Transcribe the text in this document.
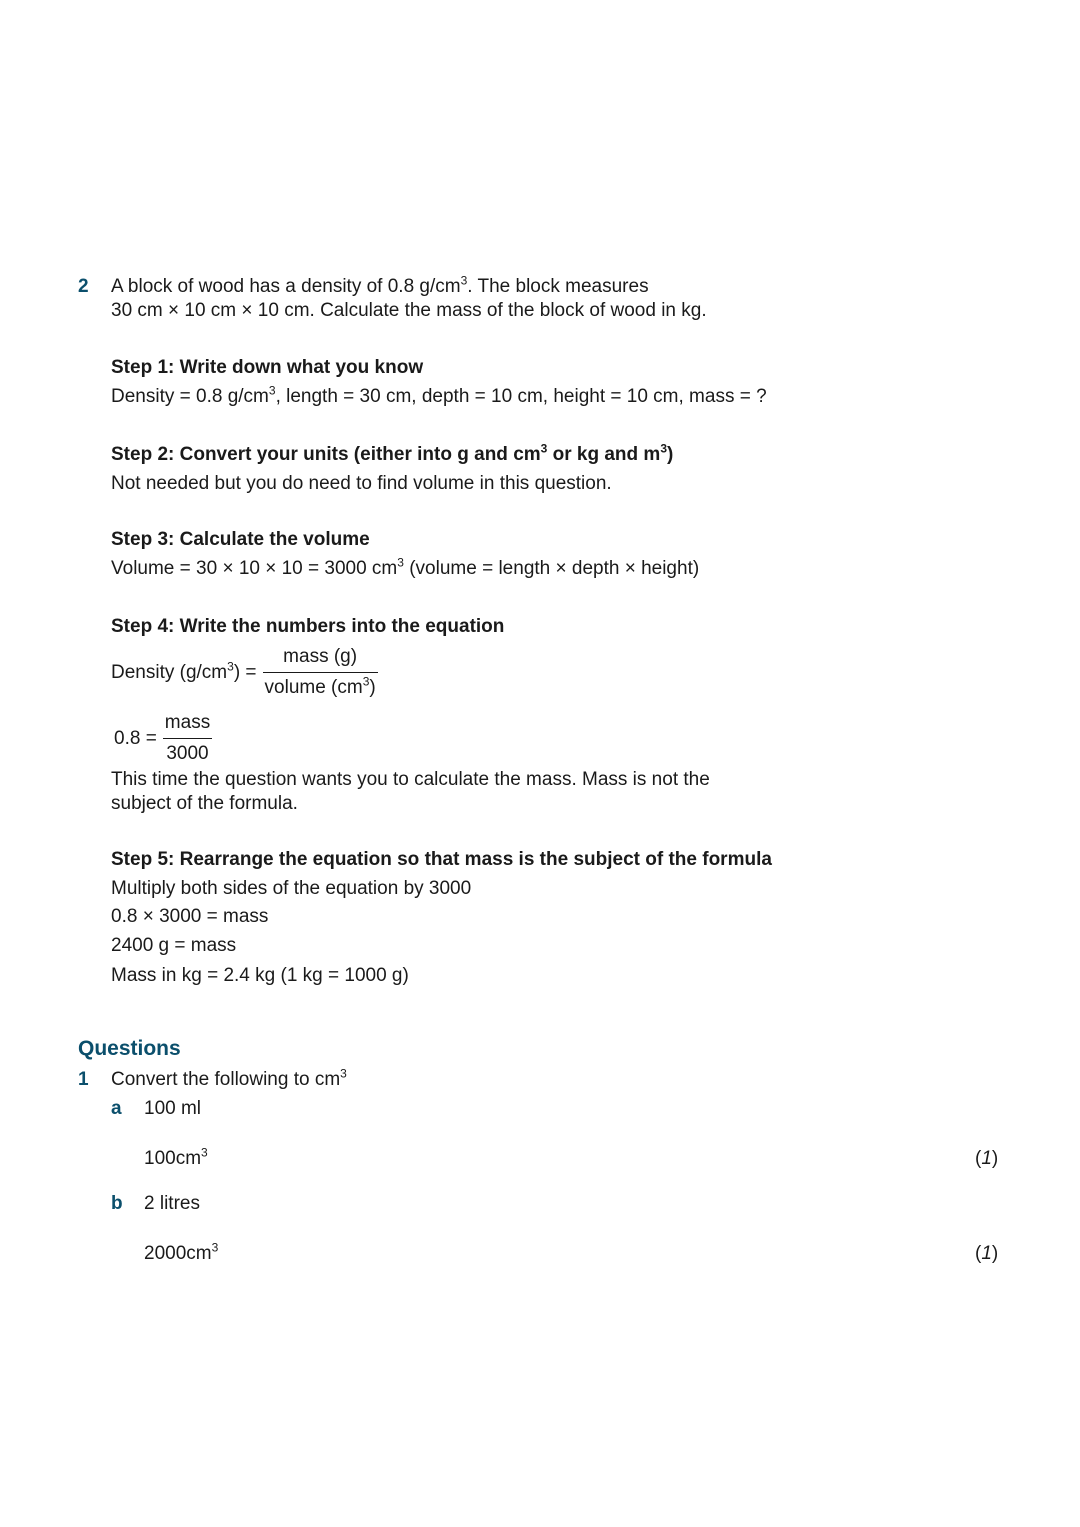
2 A block of wood has a density of 0.8 $g/cm^3$. The block measures
30 cm × 10 cm × 10 cm. Calculate the mass of the block of wood in kg.
Step 1: Write down what you know
Density = 0.8 $g/cm^3$, length = 30 cm, depth = 10 cm, height = 10 cm, mass = ?
Step 2: Convert your units (either into g and $cm^3$ or kg and $m^3$)
Not needed but you do need to find volume in this question.
Step 3: Calculate the volume
Volume = 30 × 10 × 10 = 3000 $cm^3$ (volume = length × depth × height)
Step 4: Write the numbers into the equation
Density $(g/cm^3) = \frac{\text{mass (g)}}{volume (cm^3)}$
$0.8 = \frac{\text{mass}}{3000}$
This time the question wants you to calculate the mass. Mass is not the
subject of the formula.
Step 5: Rearrange the equation so that mass is the subject of the formula
Multiply both sides of the equation by 3000
0.8 × 3000 = mass
2400 g = mass
Mass in kg = 2.4 kg (1 kg = 1000 g)
Questions
1 Convert the following to $cm^3$
a 100 ml
$100cm^3$	(1)
b 2 litres
$2000cm^3$	(1)
